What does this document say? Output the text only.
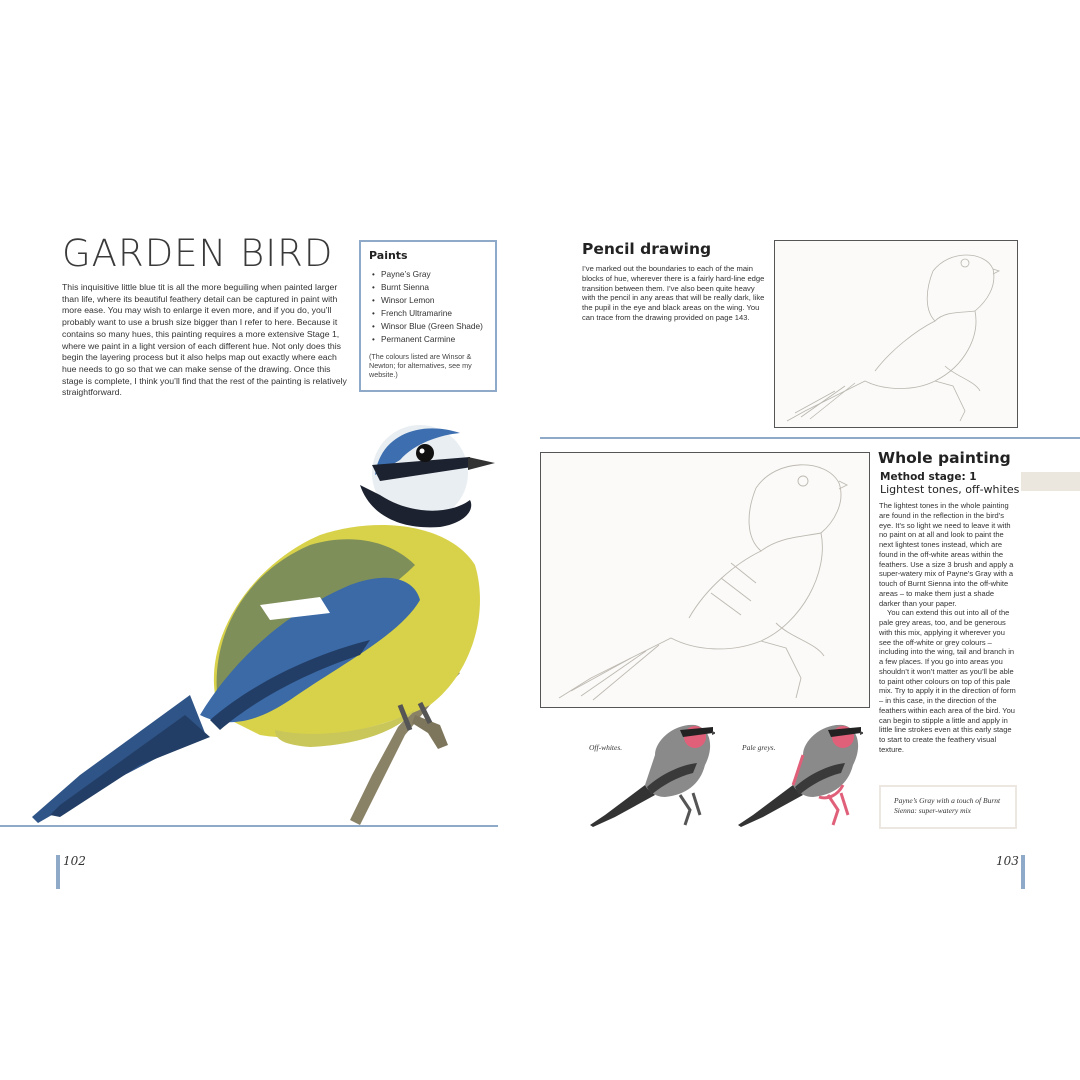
GARDEN BIRD

This inquisitive little blue tit is all the more beguiling when painted larger than life, where its beautiful feathery detail can be captured in paint with more ease. You may wish to enlarge it even more, and if you do, you’ll probably want to use a brush size bigger than I refer to here. Because it contains so many hues, this painting requires a more extensive Stage 1, where we paint in a light version of each different hue. Not only does this begin the layering process but it also helps map out exactly where each hue needs to go so that we can make sense of the drawing. Once this stage is complete, I think you’ll find that the rest of the painting is relatively straightforward.

Paints
• Payne’s Gray
• Burnt Sienna
• Winsor Lemon
• French Ultramarine
• Winsor Blue (Green Shade)
• Permanent Carmine
(The colours listed are Winsor & Newton; for alternatives, see my website.)
102
Pencil drawing

I’ve marked out the boundaries to each of the main blocks of hue, wherever there is a fairly hard-line edge transition between them. I’ve also been quite heavy with the pencil in any areas that will be really dark, like the pupil in the eye and black areas on the wing. You can trace from the drawing provided on page 143.

Whole painting
Method stage: 1
Lightest tones, off-whites

The lightest tones in the whole painting are found in the reflection in the bird’s eye. It’s so light we need to leave it with no paint on at all and look to paint the next lightest tones instead, which are found in the off-white areas within the feathers. Use a size 3 brush and apply a super-watery mix of Payne’s Gray with a touch of Burnt Sienna into the off-white areas – to make them just a shade darker than your paper.

You can extend this out into all of the pale grey areas, too, and be generous with this mix, applying it wherever you see the off-white or grey colours – including into the wing, tail and branch in a few places. If you go into areas you shouldn’t it won’t matter as you’ll be able to paint other colours on top of this pale mix. Try to apply it in the direction of form – in this case, in the direction of the feathers within each area of the bird. You can begin to stipple a little and apply in little line strokes even at this early stage to start to create the feathery visual texture.

Off-whites.	Pale greys.
Payne’s Gray with a touch of Burnt Sienna: super-watery mix
103
